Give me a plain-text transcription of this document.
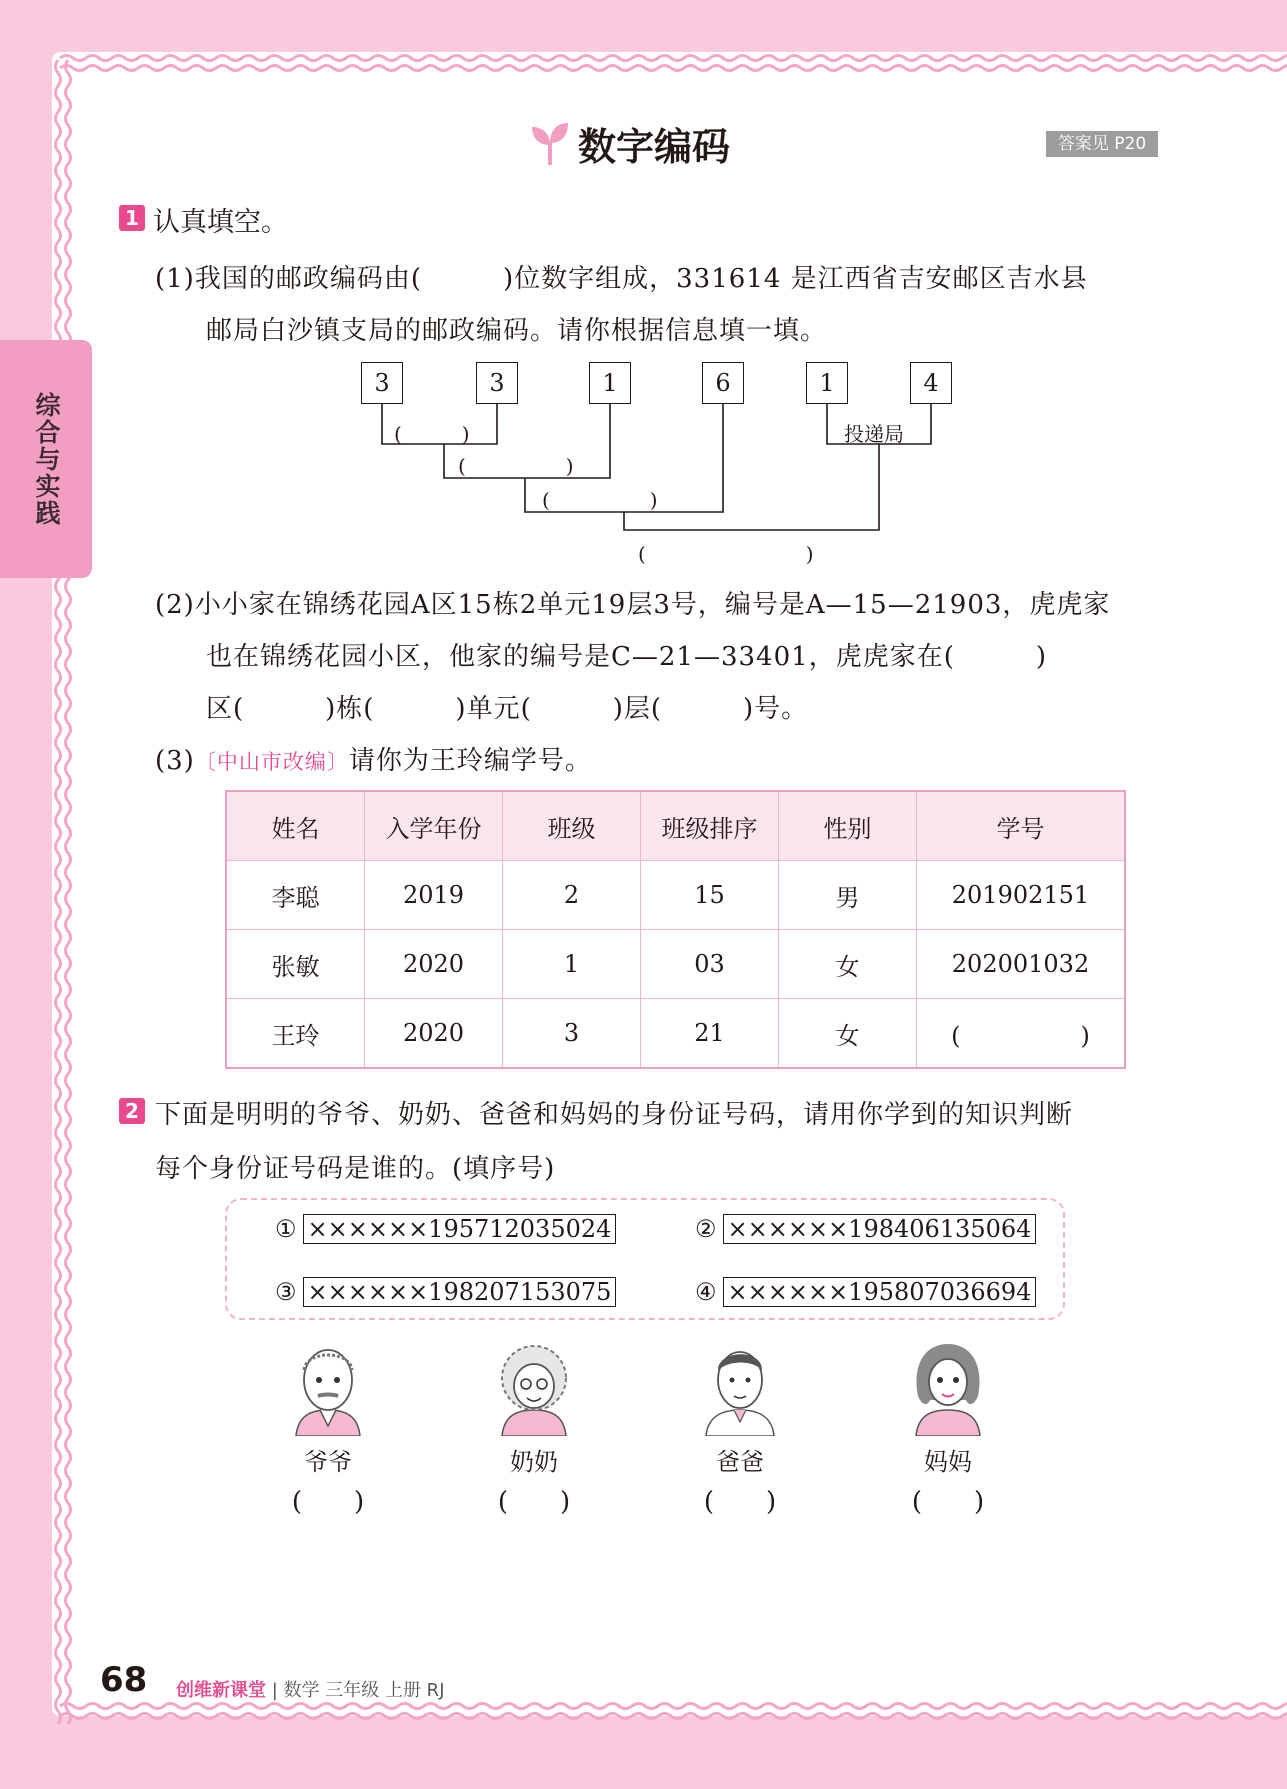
综合与实践
数字编码	答案见 P20
1 认真填空。
(1)我国的邮政编码由(　　　)位数字组成，331614 是江西省吉安邮区吉水县
邮局白沙镇支局的邮政编码。请你根据信息填一填。
3	3	1	6	1	4
(　　　)
(　　　　　)
(　　　　　)
投递局
(　　　　　　　　)
(2)小小家在锦绣花园A区15栋2单元19层3号，编号是A—15—21903，虎虎家
也在锦绣花园小区，他家的编号是C—21—33401，虎虎家在(　　　)
区(　　　)栋(　　　)单元(　　　)层(　　　)号。
(3)〔中山市改编〕请你为王玲编学号。
姓名	入学年份	班级	班级排序	性别	学号
李聪	2019	2	15	男	201902151
张敏	2020	1	03	女	202001032
王玲	2020	3	21	女	(　　　　　)
2 下面是明明的爷爷、奶奶、爸爸和妈妈的身份证号码，请用你学到的知识判断
每个身份证号码是谁的。(填序号)
① ××××××195712035024	② ××××××198406135064
③ ××××××198207153075	④ ××××××195807036694
爷爷
(　　)
奶奶
(　　)
爸爸
(　　)
妈妈
(　　)
68 创维新课堂 | 数学 三年级 上册 RJ
